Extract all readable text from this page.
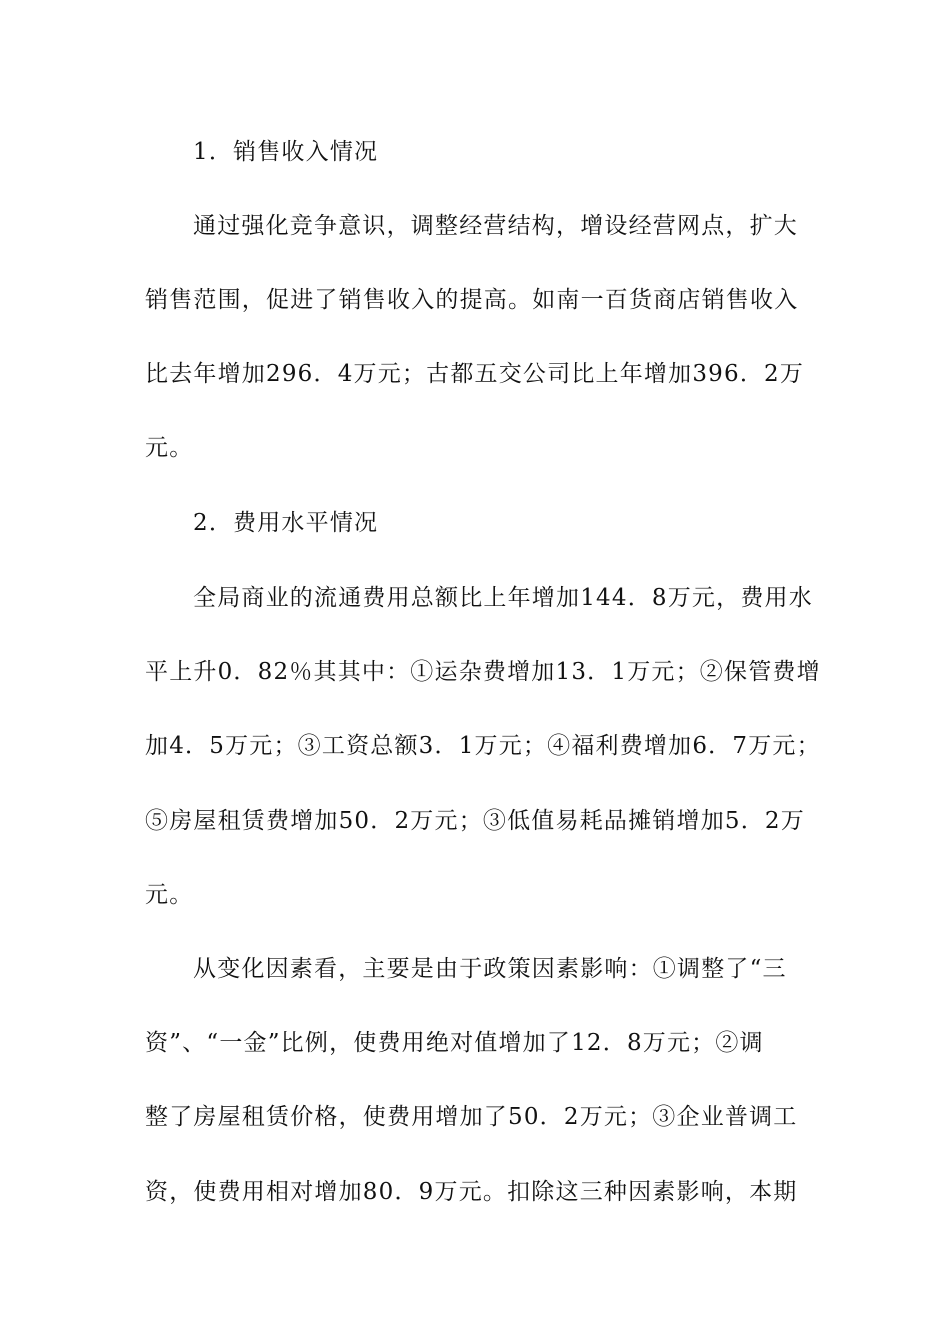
1．销售收入情况
通过强化竞争意识，调整经营结构，增设经营网点，扩大
销售范围，促进了销售收入的提高。如南一百货商店销售收入
比去年增加296．4万元；古都五交公司比上年增加396．2万
元。
2．费用水平情况
全局商业的流通费用总额比上年增加144．8万元，费用水
平上升0．82％其其中：①运杂费增加13．1万元；②保管费增
加4．5万元；③工资总额3．1万元；④福利费增加6．7万元；
⑤房屋租赁费增加50．2万元；③低值易耗品摊销增加5．2万
元。
从变化因素看，主要是由于政策因素影响：①调整了“三
资”、“一金”比例，使费用绝对值增加了12．8万元；②调
整了房屋租赁价格，使费用增加了50．2万元；③企业普调工
资，使费用相对增加80．9万元。扣除这三种因素影响，本期
